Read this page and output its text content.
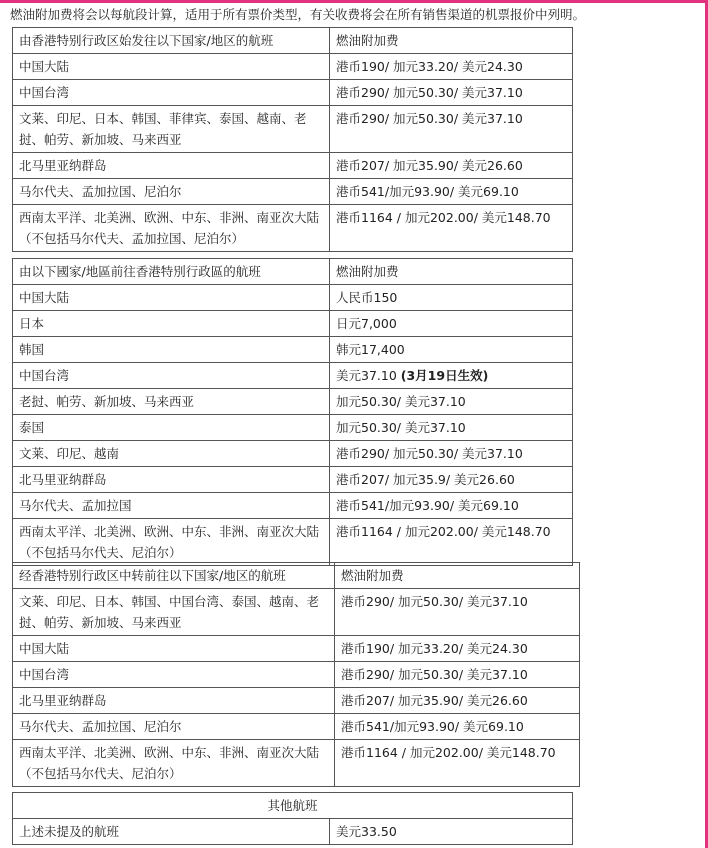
燃油附加费将会以每航段计算，适用于所有票价类型，有关收费将会在所有销售渠道的机票报价中列明。
由香港特别行政区始发往以下国家/地区的航班	燃油附加费
中国大陆	港币190/ 加元33.20/ 美元24.30
中国台湾	港币290/ 加元50.30/ 美元37.10
文莱、印尼、日本、韩国、菲律宾、泰国、越南、老挝、帕劳、新加坡、马来西亚	港币290/ 加元50.30/ 美元37.10
北马里亚纳群岛	港币207/ 加元35.90/ 美元26.60
马尔代夫、孟加拉国、尼泊尔	港币541/加元93.90/ 美元69.10
西南太平洋、北美洲、欧洲、中东、非洲、南亚次大陆（不包括马尔代夫、孟加拉国、尼泊尔）	港币1164 / 加元202.00/ 美元148.70
由以下國家/地區前往香港特別行政區的航班	燃油附加费
中国大陆	人民币150
日本	日元7,000
韩国	韩元17,400
中国台湾	美元37.10 (3月19日生效)
老挝、帕劳、新加坡、马来西亚	加元50.30/ 美元37.10
泰国	加元50.30/ 美元37.10
文莱、印尼、越南	港币290/ 加元50.30/ 美元37.10
北马里亚纳群岛	港币207/ 加元35.9/ 美元26.60
马尔代夫、孟加拉国	港币541/加元93.90/ 美元69.10
西南太平洋、北美洲、欧洲、中东、非洲、南亚次大陆（不包括马尔代夫、尼泊尔）	港币1164 / 加元202.00/ 美元148.70
经香港特别行政区中转前往以下国家/地区的航班	燃油附加费
文莱、印尼、日本、韩国、中国台湾、泰国、越南、老挝、帕劳、新加坡、马来西亚	港币290/ 加元50.30/ 美元37.10
中国大陆	港币190/ 加元33.20/ 美元24.30
中国台湾	港币290/ 加元50.30/ 美元37.10
北马里亚纳群岛	港币207/ 加元35.90/ 美元26.60
马尔代夫、孟加拉国、尼泊尔	港币541/加元93.90/ 美元69.10
西南太平洋、北美洲、欧洲、中东、非洲、南亚次大陆（不包括马尔代夫、尼泊尔）	港币1164 / 加元202.00/ 美元148.70
其他航班
上述未提及的航班	美元33.50
